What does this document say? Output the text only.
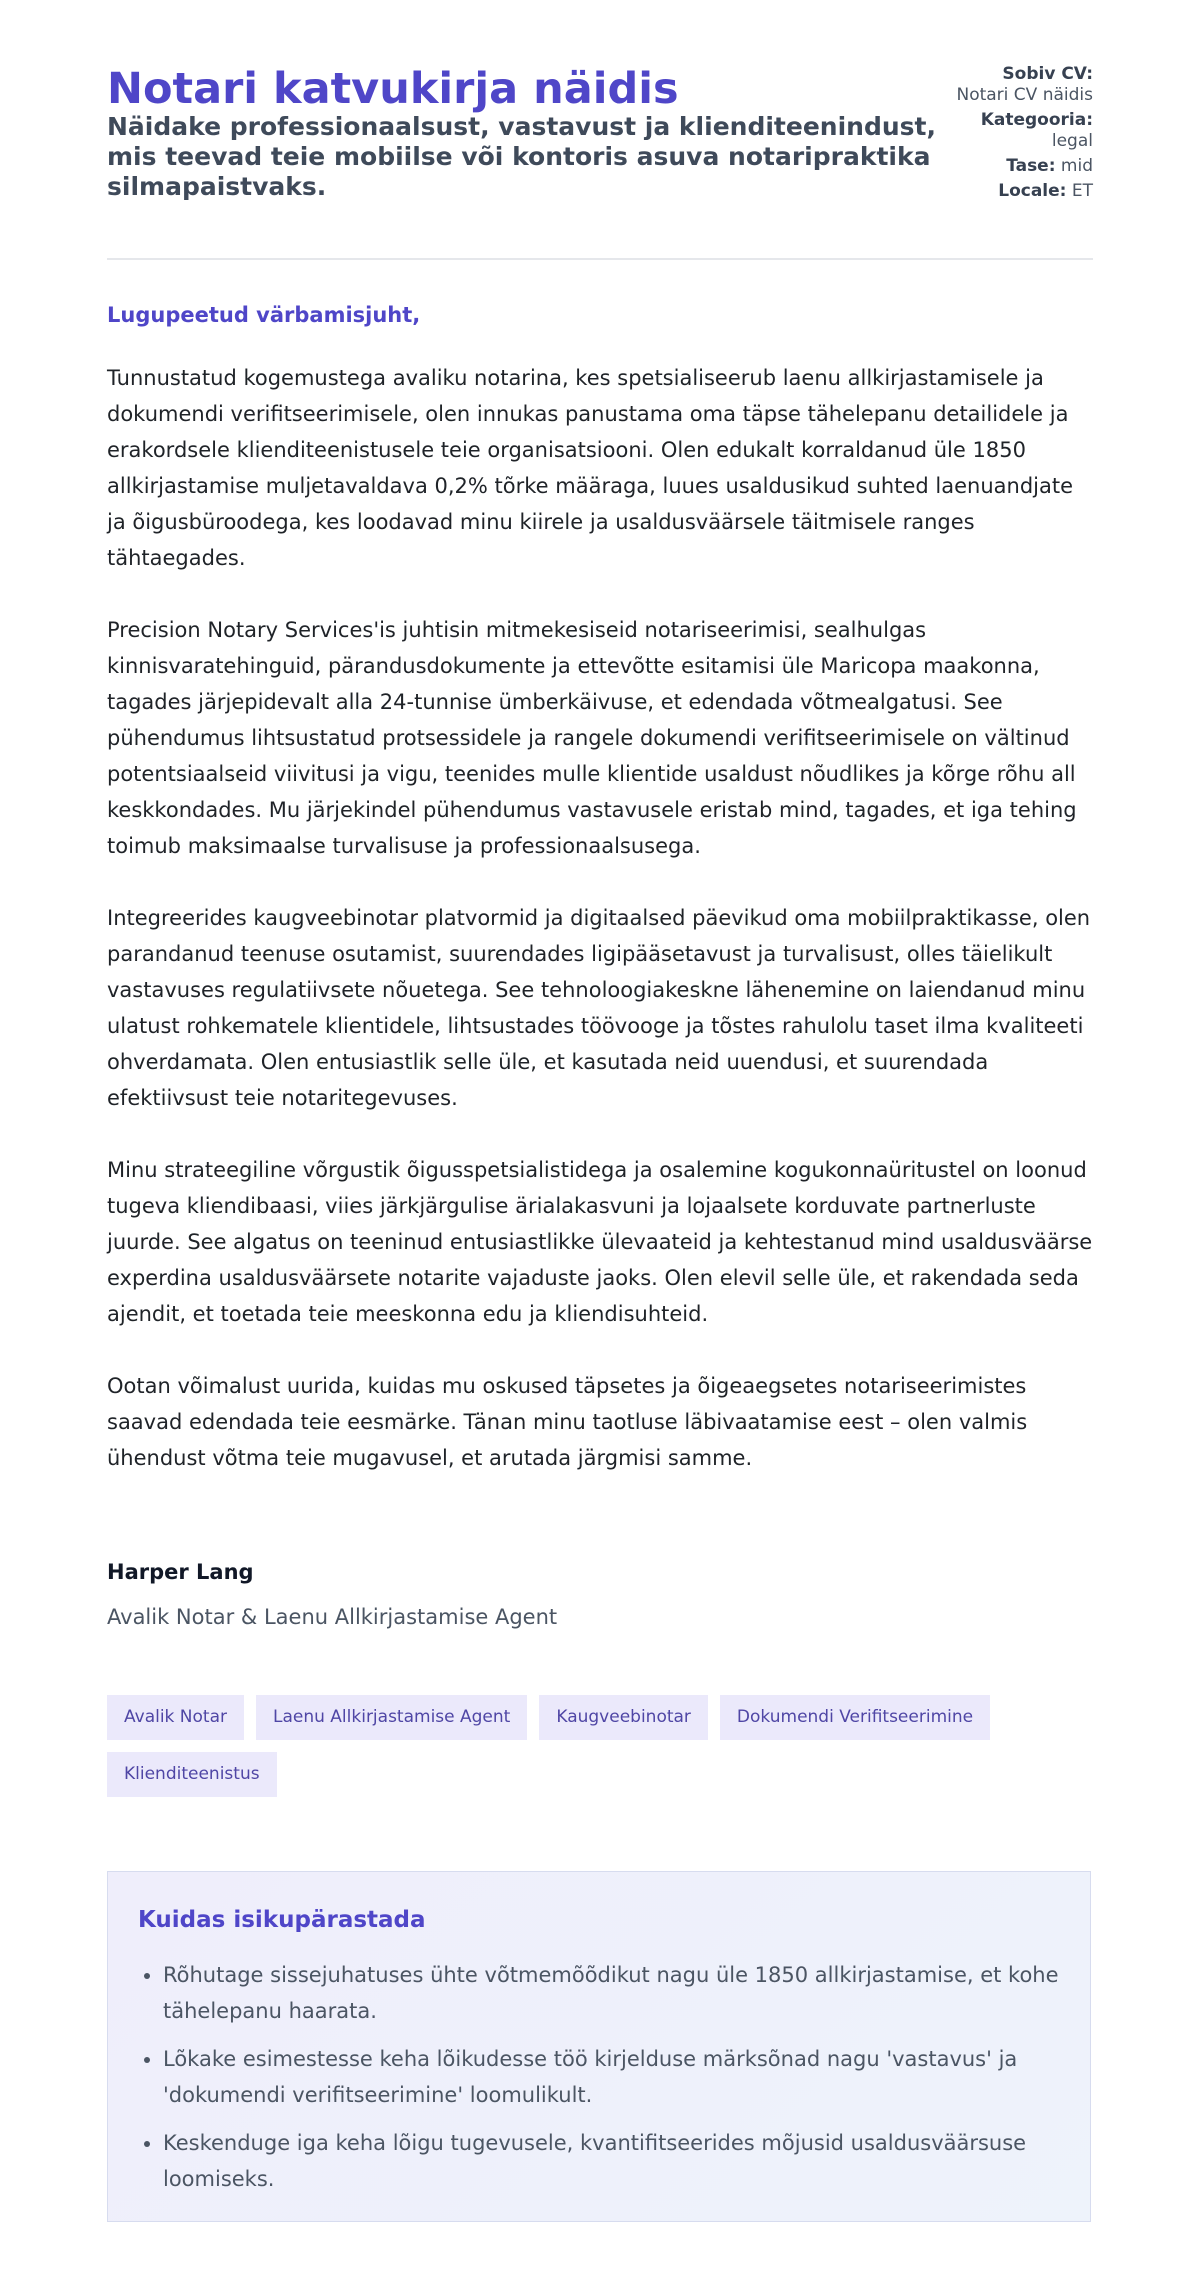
Notari katvukirja näidis

Näidake professionaalsust, vastavust ja klienditeenindust, mis teevad teie mobiilse või kontoris asuva notaripraktika silmapaistvaks.

Sobiv CV: Notari CV näidis
Kategooria: legal
Tase: mid
Locale: ET

Lugupeetud värbamisjuht,

Tunnustatud kogemustega avaliku notarina, kes spetsialiseerub laenu allkirjastamisele ja dokumendi verifitseerimisele, olen innukas panustama oma täpse tähelepanu detailidele ja erakordsele klienditeenistusele teie organisatsiooni. Olen edukalt korraldanud üle 1850 allkirjastamise muljetavaldava 0,2% tõrke määraga, luues usaldusikud suhted laenuandjate ja õigusbüroodega, kes loodavad minu kiirele ja usaldusväärsele täitmisele ranges tähtaegades.

Precision Notary Services'is juhtisin mitmekesiseid notariseerimisi, sealhulgas kinnisvaratehinguid, pärandusdokumente ja ettevõtte esitamisi üle Maricopa maakonna, tagades järjepidevalt alla 24-tunnise ümberkäivuse, et edendada võtmealgatusi. See pühendumus lihtsustatud protsessidele ja rangele dokumendi verifitseerimisele on vältinud potentsiaalseid viivitusi ja vigu, teenides mulle klientide usaldust nõudlikes ja kõrge rõhu all keskkondades. Mu järjekindel pühendumus vastavusele eristab mind, tagades, et iga tehing toimub maksimaalse turvalisuse ja professionaalsusega.

Integreerides kaugveebinotar platvormid ja digitaalsed päevikud oma mobiilpraktikasse, olen parandanud teenuse osutamist, suurendades ligipääsetavust ja turvalisust, olles täielikult vastavuses regulatiivsete nõuetega. See tehnoloogiakeskne lähenemine on laiendanud minu ulatust rohkematele klientidele, lihtsustades töövooge ja tõstes rahulolu taset ilma kvaliteeti ohverdamata. Olen entusiastlik selle üle, et kasutada neid uuendusi, et suurendada efektiivsust teie notaritegevuses.

Minu strateegiline võrgustik õigusspetsialistidega ja osalemine kogukonnaüritustel on loonud tugeva kliendibaasi, viies järkjärgulise ärialakasvuni ja lojaalsete korduvate partnerluste juurde. See algatus on teeninud entusiastlikke ülevaateid ja kehtestanud mind usaldusväärse experdina usaldusväärsete notarite vajaduste jaoks. Olen elevil selle üle, et rakendada seda ajendit, et toetada teie meeskonna edu ja kliendisuhteid.

Ootan võimalust uurida, kuidas mu oskused täpsetes ja õigeaegsetes notariseerimistes saavad edendada teie eesmärke. Tänan minu taotluse läbivaatamise eest – olen valmis ühendust võtma teie mugavusel, et arutada järgmisi samme.

Harper Lang

Avalik Notar & Laenu Allkirjastamise Agent

Avalik Notar	Laenu Allkirjastamise Agent	Kaugveebinotar	Dokumendi Verifitseerimine
Klienditeenistus
Kuidas isikupärastada
• Rõhutage sissejuhatuses ühte võtmemõõdikut nagu üle 1850 allkirjastamise, et kohe tähelepanu haarata.
• Lõkake esimestesse keha lõikudesse töö kirjelduse märksõnad nagu 'vastavus' ja 'dokumendi verifitseerimine' loomulikult.
• Keskenduge iga keha lõigu tugevusele, kvantifitseerides mõjusid usaldusväärsuse loomiseks.
